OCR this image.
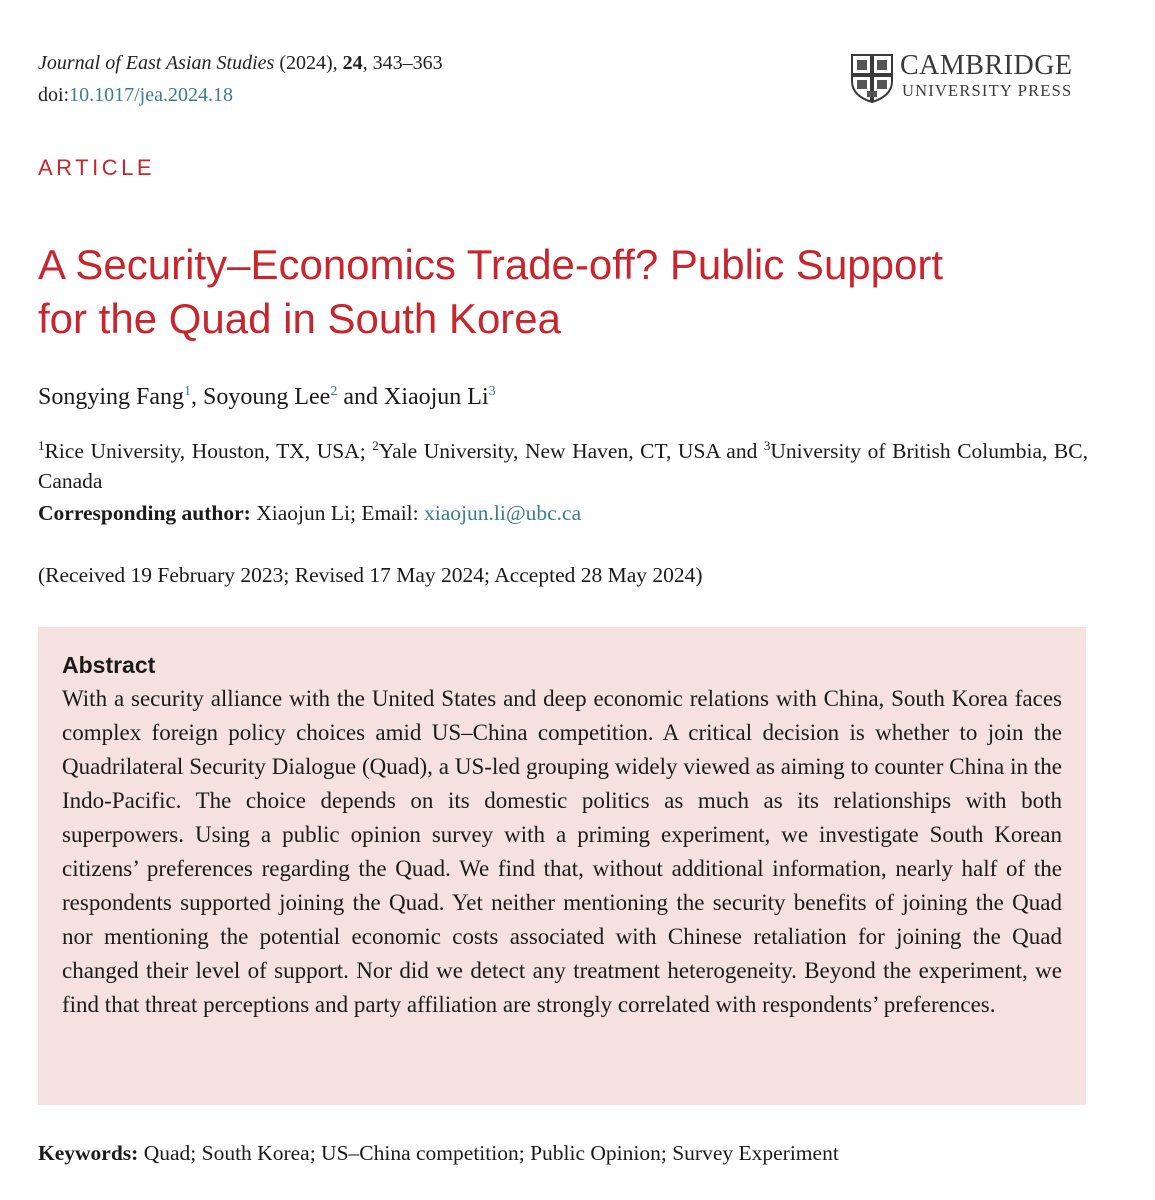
Journal of East Asian Studies (2024), 24, 343–363
doi:10.1017/jea.2024.18
CAMBRIDGE
UNIVERSITY PRESS
ARTICLE
A Security–Economics Trade-off? Public Support
for the Quad in South Korea
Songying Fang$^1$, Soyoung Lee$^2$ and Xiaojun Li$^3$
$^1$Rice University, Houston, TX, USA; $^2$Yale University, New Haven, CT, USA and $^3$University of British Columbia, BC, Canada
Corresponding author: Xiaojun Li; Email: xiaojun.li@ubc.ca
(Received 19 February 2023; Revised 17 May 2024; Accepted 28 May 2024)
Abstract

With a security alliance with the United States and deep economic relations with China, South Korea faces complex foreign policy choices amid US–China competition. A critical decision is whether to join the Quadrilateral Security Dialogue (Quad), a US-led grouping widely viewed as aiming to counter China in the Indo-Pacific. The choice depends on its domestic politics as much as its relationships with both superpowers. Using a public opinion survey with a priming experiment, we investigate South Korean citizens’ preferences regarding the Quad. We find that, without additional information, nearly half of the respondents supported joining the Quad. Yet neither mentioning the security benefits of joining the Quad nor mentioning the potential economic costs associated with Chinese retaliation for joining the Quad changed their level of support. Nor did we detect any treatment heterogeneity. Beyond the experiment, we find that threat perceptions and party affiliation are strongly correlated with respondents’ preferences.

Keywords: Quad; South Korea; US–China competition; Public Opinion; Survey Experiment
